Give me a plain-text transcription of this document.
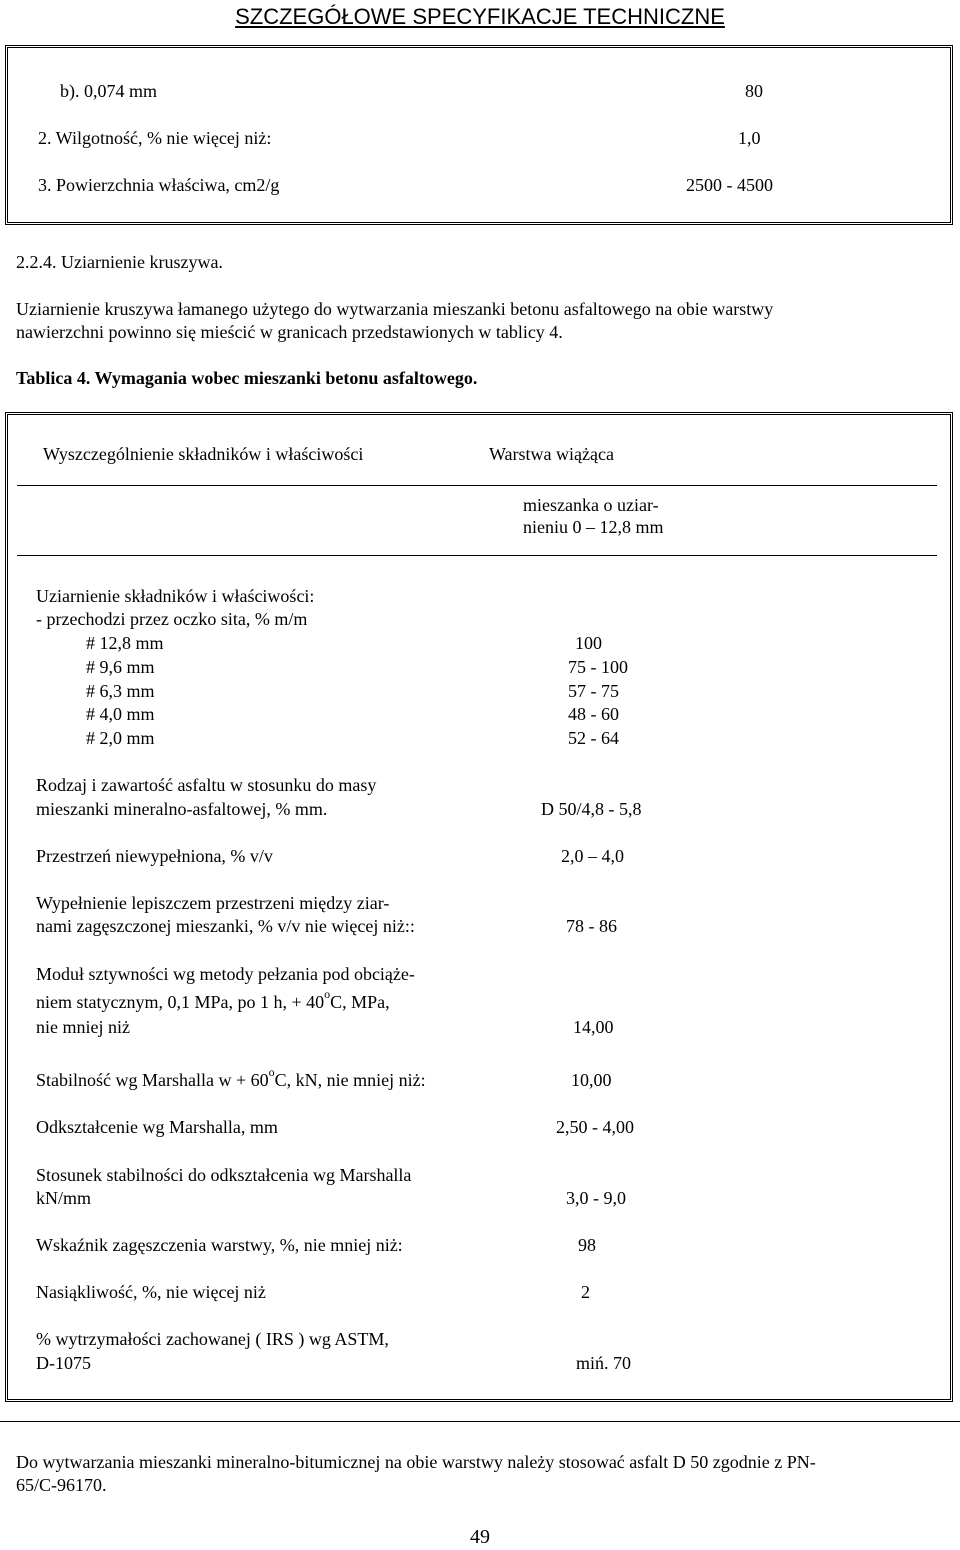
SZCZEGÓŁOWE SPECYFIKACJE TECHNICZNE
b). 0,074 mm	80
2. Wilgotność, % nie więcej niż:	1,0
3. Powierzchnia właściwa, cm2/g	2500 - 4500
2.2.4. Uziarnienie kruszywa.
Uziarnienie kruszywa łamanego użytego do wytwarzania mieszanki betonu asfaltowego na obie warstwy
nawierzchni powinno się mieścić w granicach przedstawionych w tablicy 4.
Tablica 4. Wymagania wobec mieszanki betonu asfaltowego.
Wyszczególnienie składników i właściwości	Warstwa wiążąca
mieszanka o uziar-
nieniu 0 – 12,8 mm
Uziarnienie składników i właściwości:
- przechodzi przez oczko sita, % m/m
# 12,8 mm	100
# 9,6 mm	75 - 100
# 6,3 mm	57 - 75
# 4,0 mm	48 - 60
# 2,0 mm	52 - 64
Rodzaj i zawartość asfaltu w stosunku do masy
mieszanki mineralno-asfaltowej, % mm.	D 50/4,8 - 5,8
Przestrzeń niewypełniona, % v/v	2,0 – 4,0
Wypełnienie lepiszczem przestrzeni między ziar-
nami zagęszczonej mieszanki, % v/v nie więcej niż::	78 - 86
Moduł sztywności wg metody pełzania pod obciąże-
niem statycznym, 0,1 MPa, po 1 h, + $40^oC$, MPa,
nie mniej niż	14,00
Stabilność wg Marshalla $w + 60^oC$, kN, nie mniej niż:	10,00
Odkształcenie wg Marshalla, mm	2,50 - 4,00
Stosunek stabilności do odkształcenia wg Marshalla
kN/mm	3,0 - 9,0
Wskaźnik zagęszczenia warstwy, %, nie mniej niż:	98
Nasiąkliwość, %, nie więcej niż	2
% wytrzymałości zachowanej ( IRS ) wg ASTM,
D-1075	miń. 70
Do wytwarzania mieszanki mineralno-bitumicznej na obie warstwy należy stosować asfalt D 50 zgodnie z PN-
65/C-96170.
49
